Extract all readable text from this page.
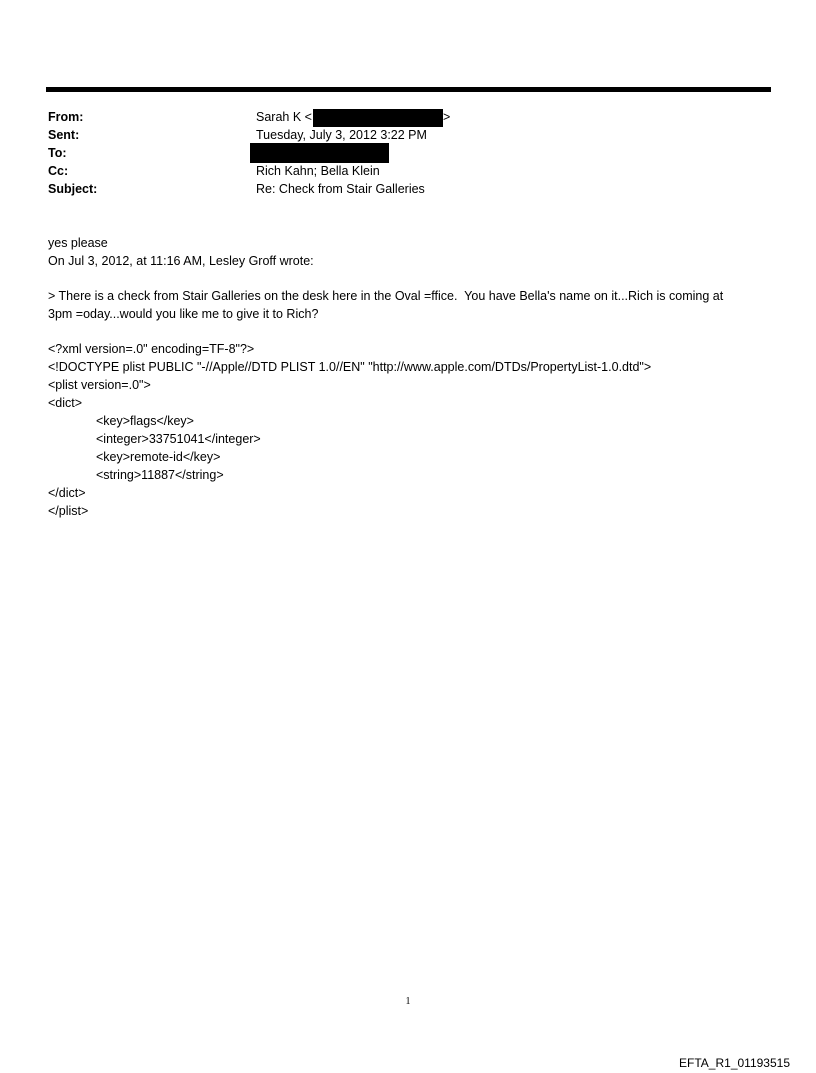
From:	Sarah K <	>
Sent:	Tuesday, July 3, 2012 3:22 PM
To:
Cc:	Rich Kahn; Bella Klein
Subject:	Re: Check from Stair Galleries

yes please

On Jul 3, 2012, at 11:16 AM, Lesley Groff wrote:

> There is a check from Stair Galleries on the desk here in the Oval =ffice.  You have Bella's name on it...Rich is coming at

3pm =oday...would you like me to give it to Rich?

<?xml version=.0" encoding=TF-8"?>

<!DOCTYPE plist PUBLIC "-//Apple//DTD PLIST 1.0//EN" "http://www.apple.com/DTDs/PropertyList-1.0.dtd">

<plist version=.0">

<dict>

<key>flags</key>

<integer>33751041</integer>

<key>remote-id</key>

<string>11887</string>

</dict>

</plist>

1
EFTA_R1_01193515
